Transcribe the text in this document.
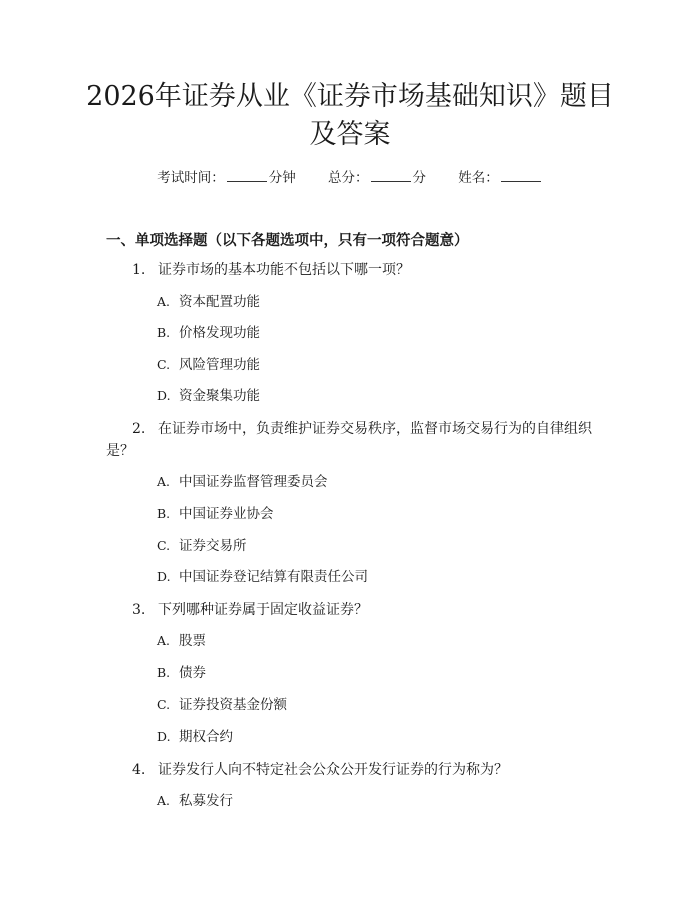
2026年证券从业《证券市场基础知识》题目及答案
考试时间：	分钟 总分：	分 姓名：
一、单项选择题（以下各题选项中，只有一项符合题意）
1. 证券市场的基本功能不包括以下哪一项？
A. 资本配置功能
B. 价格发现功能
C. 风险管理功能
D. 资金聚集功能
2. 在证券市场中，负责维护证券交易秩序，监督市场交易行为的自律组织是？
A. 中国证券监督管理委员会
B. 中国证券业协会
C. 证券交易所
D. 中国证券登记结算有限责任公司
3. 下列哪种证券属于固定收益证券？
A. 股票
B. 债券
C. 证券投资基金份额
D. 期权合约
4. 证券发行人向不特定社会公众公开发行证券的行为称为？
A. 私募发行
